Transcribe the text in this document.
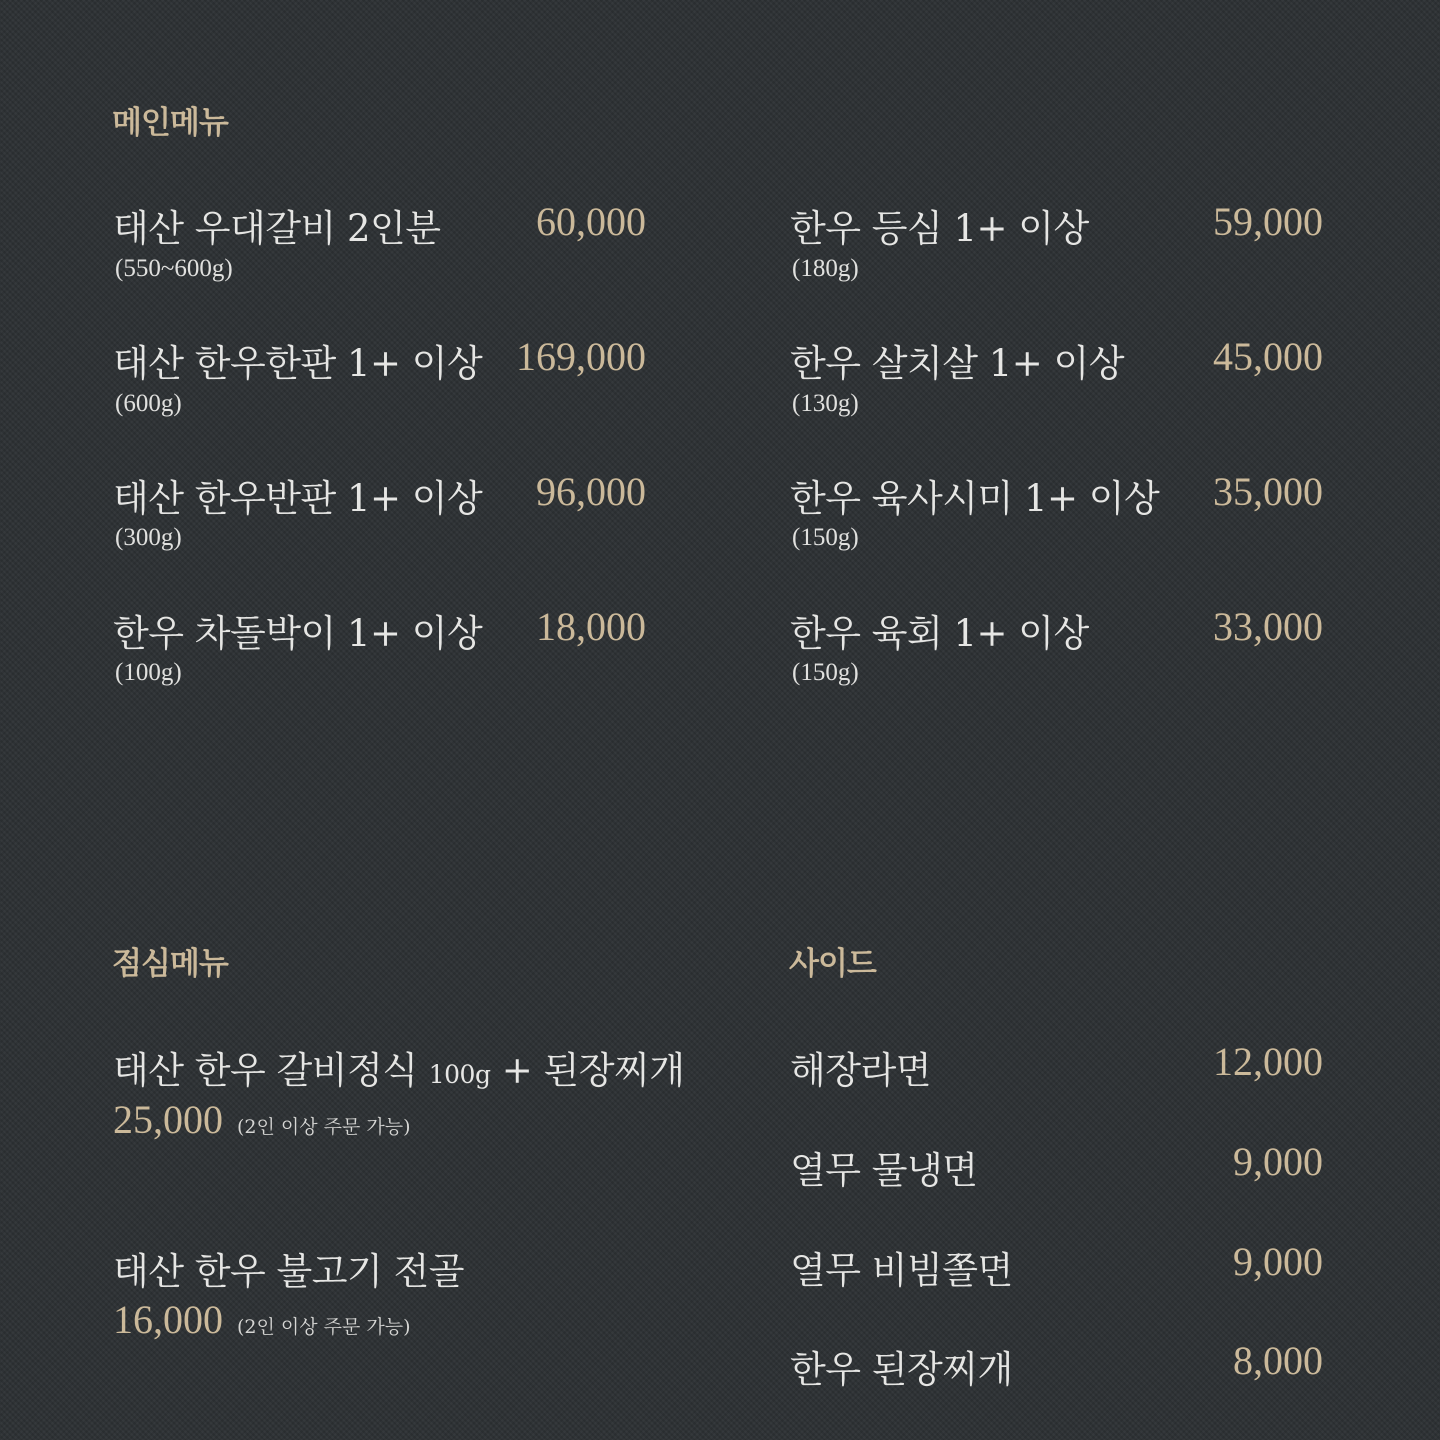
메인메뉴
태산 우대갈비 2인분	60,000
(550~600g)
태산 한우한판 1+ 이상 169,000
(600g)
태산 한우반판 1+ 이상	96,000
(300g)
한우 차돌박이 1+ 이상	18,000
(100g)
한우 등심 1+ 이상	59,000
(180g)
한우 살치살 1+ 이상	45,000
(130g)
한우 육사시미 1+ 이상	35,000
(150g)
한우 육회 1+ 이상	33,000
(150g)
점심메뉴
태산 한우 갈비정식 100g + 된장찌개
25,000 (2인 이상 주문 가능)
태산 한우 불고기 전골
16,000 (2인 이상 주문 가능)
사이드
해장라면	12,000
열무 물냉면	9,000
열무 비빔쫄면	9,000
한우 된장찌개	8,000
